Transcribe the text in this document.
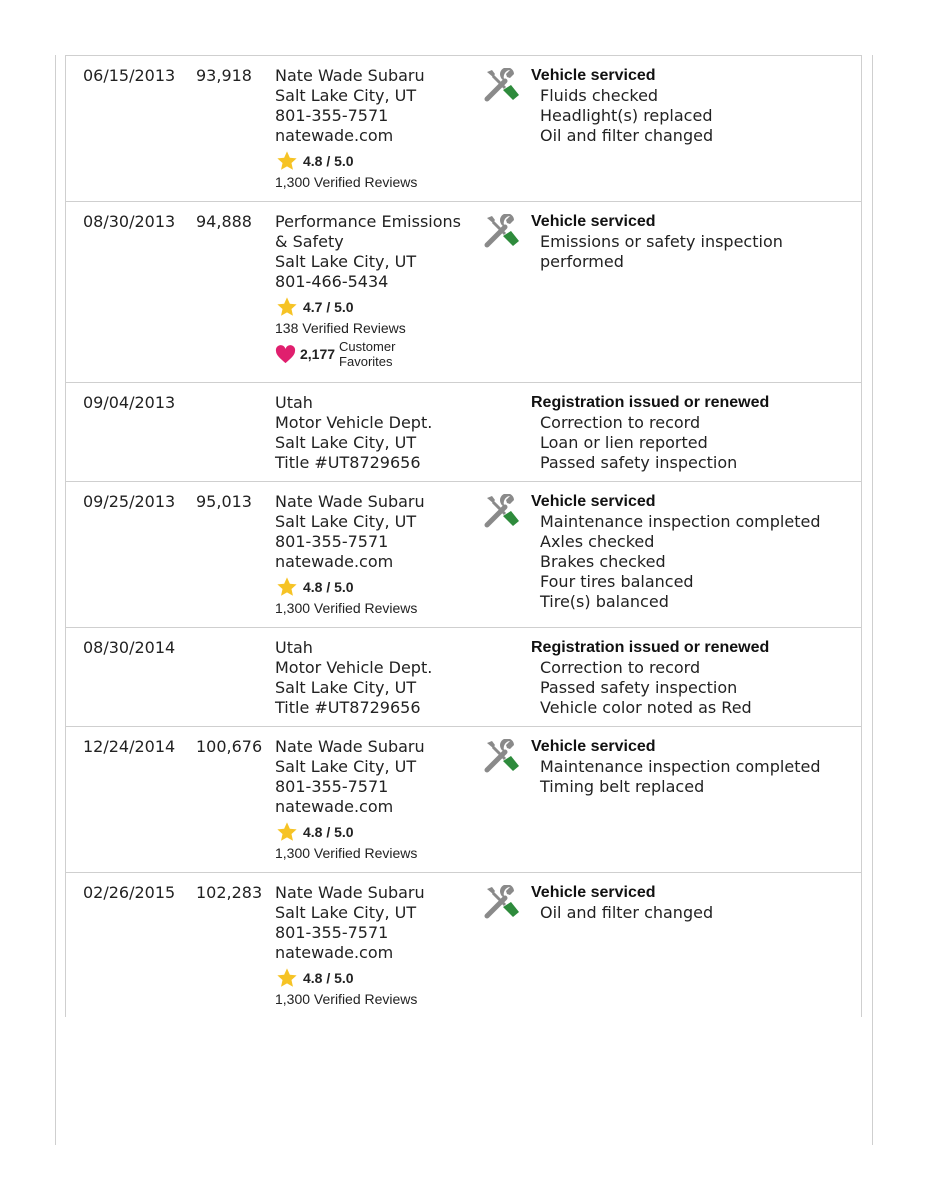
06/15/2013 93,918 Nate Wade Subaru
Salt Lake City, UT
801-355-7571
natewade.com
4.8 / 5.0
1,300 Verified Reviews
Vehicle serviced
Fluids checked
Headlight(s) replaced
Oil and filter changed
08/30/2013 94,888 Performance Emissions & Safety
Salt Lake City, UT
801-466-5434
4.7 / 5.0
138 Verified Reviews
2,177 Customer Favorites
Vehicle serviced
Emissions or safety inspection performed
09/04/2013	Utah
Motor Vehicle Dept.
Salt Lake City, UT
Title #UT8729656
Registration issued or renewed
Correction to record
Loan or lien reported
Passed safety inspection
09/25/2013 95,013 Nate Wade Subaru
Salt Lake City, UT
801-355-7571
natewade.com
4.8 / 5.0
1,300 Verified Reviews
Vehicle serviced
Maintenance inspection completed
Axles checked
Brakes checked
Four tires balanced
Tire(s) balanced
08/30/2014	Utah
Motor Vehicle Dept.
Salt Lake City, UT
Title #UT8729656
Registration issued or renewed
Correction to record
Passed safety inspection
Vehicle color noted as Red
12/24/2014 100,676 Nate Wade Subaru
Salt Lake City, UT
801-355-7571
natewade.com
4.8 / 5.0
1,300 Verified Reviews
Vehicle serviced
Maintenance inspection completed
Timing belt replaced
02/26/2015 102,283 Nate Wade Subaru
Salt Lake City, UT
801-355-7571
natewade.com
4.8 / 5.0
1,300 Verified Reviews
Vehicle serviced
Oil and filter changed
